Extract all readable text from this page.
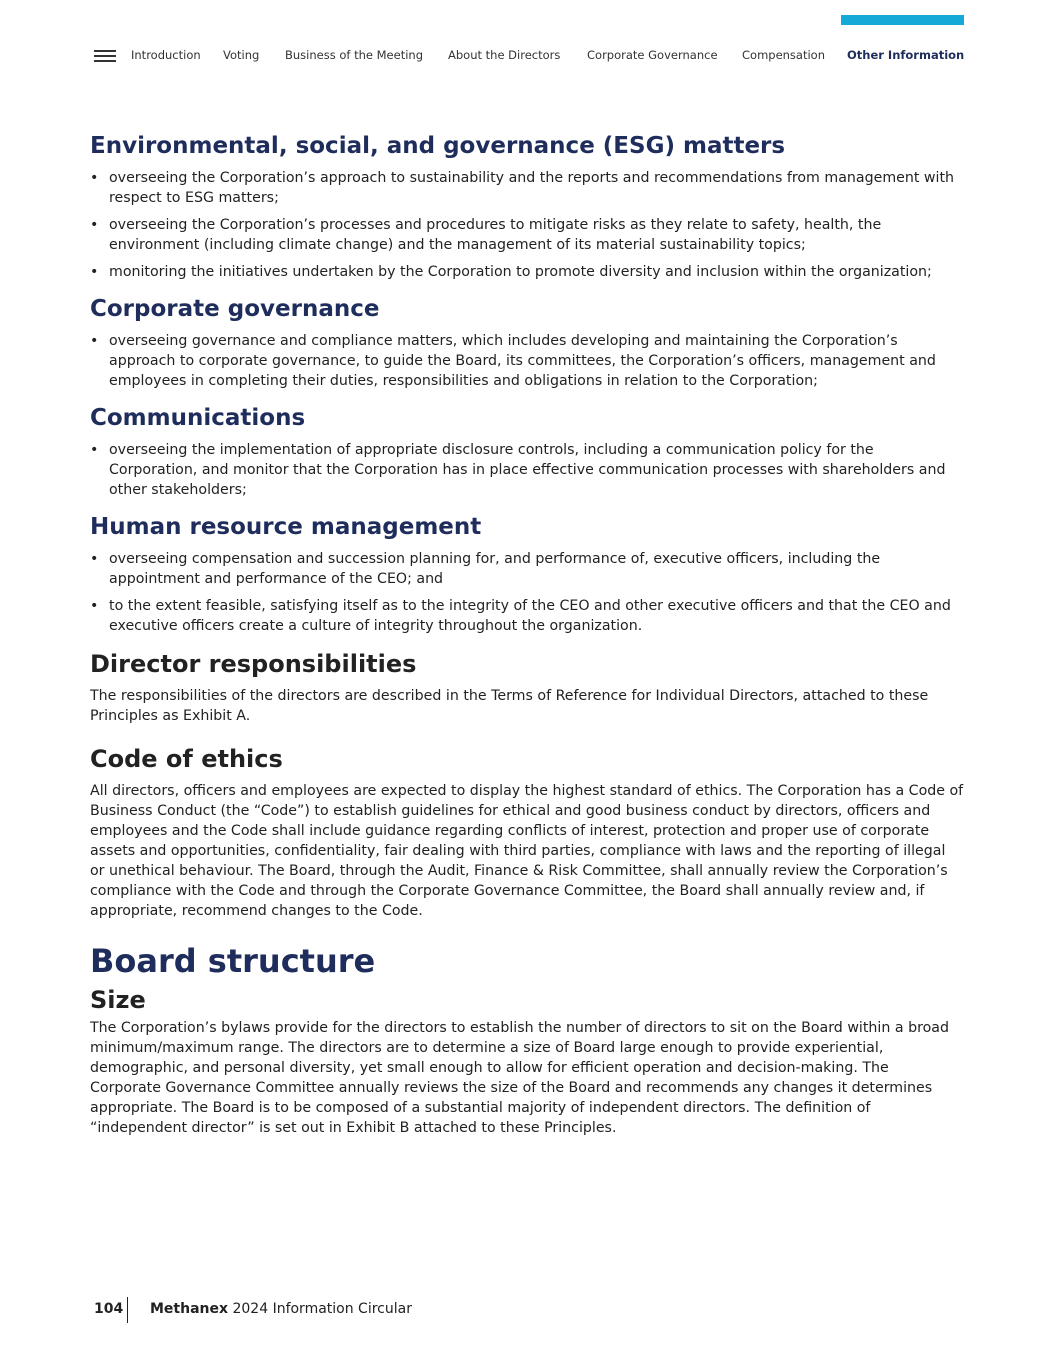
Introduction Voting Business of the Meeting About the Directors Corporate Governance Compensation Other Information
Environmental, social, and governance (ESG) matters
• overseeing the Corporation’s approach to sustainability and the reports and recommendations from management with respect to ESG matters;
• overseeing the Corporation’s processes and procedures to mitigate risks as they relate to safety, health, the environment (including climate change) and the management of its material sustainability topics;
• monitoring the initiatives undertaken by the Corporation to promote diversity and inclusion within the organization;
Corporate governance
• overseeing governance and compliance matters, which includes developing and maintaining the Corporation’s approach to corporate governance, to guide the Board, its committees, the Corporation’s officers, management and employees in completing their duties, responsibilities and obligations in relation to the Corporation;
Communications
• overseeing the implementation of appropriate disclosure controls, including a communication policy for the Corporation, and monitor that the Corporation has in place effective communication processes with shareholders and other stakeholders;
Human resource management
• overseeing compensation and succession planning for, and performance of, executive officers, including the appointment and performance of the CEO; and
• to the extent feasible, satisfying itself as to the integrity of the CEO and other executive officers and that the CEO and executive officers create a culture of integrity throughout the organization.
Director responsibilities

The responsibilities of the directors are described in the Terms of Reference for Individual Directors, attached to these Principles as Exhibit A.

Code of ethics

All directors, officers and employees are expected to display the highest standard of ethics. The Corporation has a Code of Business Conduct (the “Code”) to establish guidelines for ethical and good business conduct by directors, officers and employees and the Code shall include guidance regarding conflicts of interest, protection and proper use of corporate assets and opportunities, confidentiality, fair dealing with third parties, compliance with laws and the reporting of illegal or unethical behaviour. The Board, through the Audit, Finance & Risk Committee, shall annually review the Corporation’s compliance with the Code and through the Corporate Governance Committee, the Board shall annually review and, if appropriate, recommend changes to the Code.

Board structure
Size

The Corporation’s bylaws provide for the directors to establish the number of directors to sit on the Board within a broad minimum/maximum range. The directors are to determine a size of Board large enough to provide experiential, demographic, and personal diversity, yet small enough to allow for efficient operation and decision-making. The Corporate Governance Committee annually reviews the size of the Board and recommends any changes it determines appropriate. The Board is to be composed of a substantial majority of independent directors. The definition of “independent director” is set out in Exhibit B attached to these Principles.

104 Methanex 2024 Information Circular
